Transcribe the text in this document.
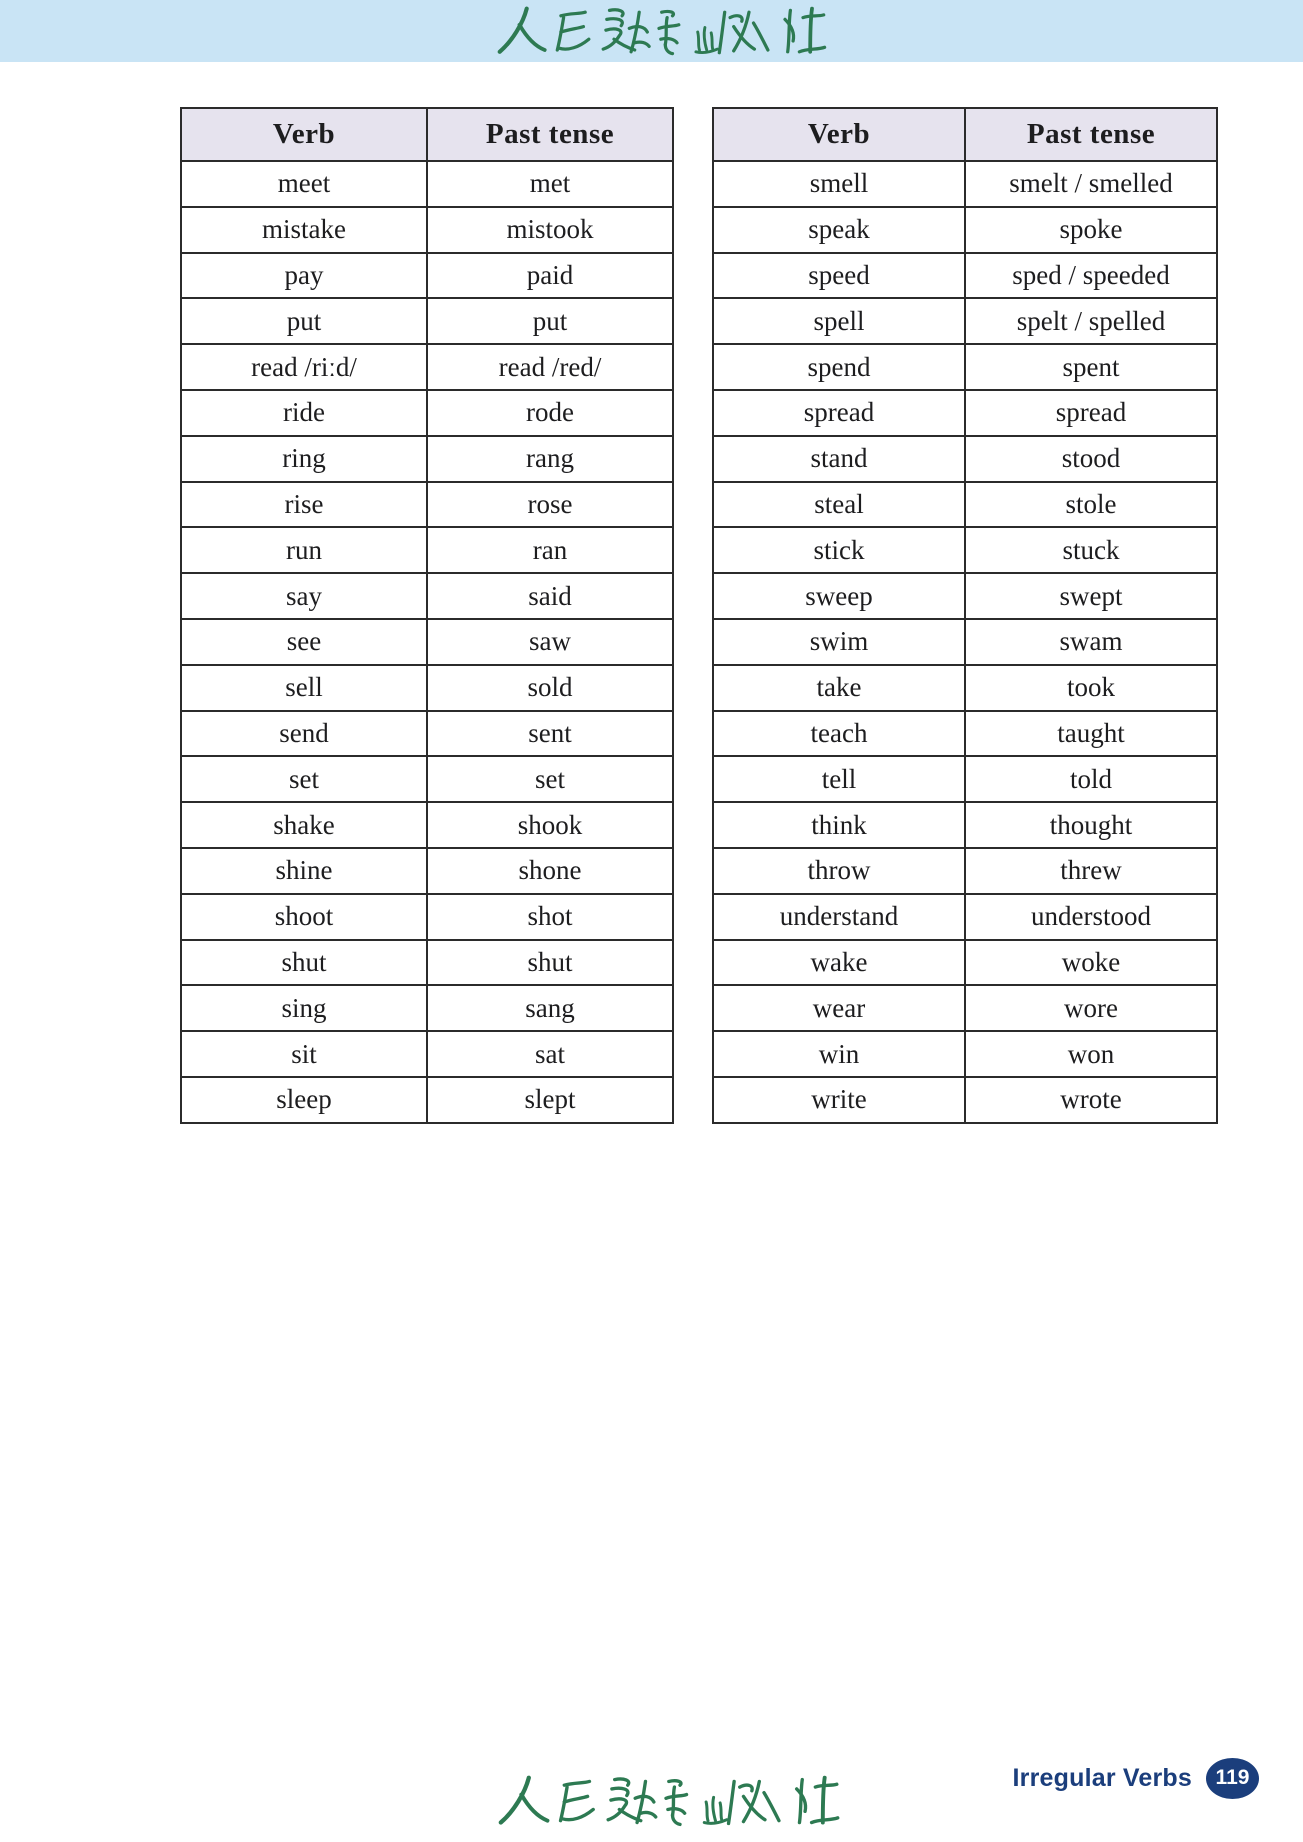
Verb	Past tense
meet	met
mistake	mistook
pay	paid
put	put
read /riːd/	read /red/
ride	rode
ring	rang
rise	rose
run	ran
say	said
see	saw
sell	sold
send	sent
set	set
shake	shook
shine	shone
shoot	shot
shut	shut
sing	sang
sit	sat
sleep	slept
Verb	Past tense
smell	smelt / smelled
speak	spoke
speed	sped / speeded
spell	spelt / spelled
spend	spent
spread	spread
stand	stood
steal	stole
stick	stuck
sweep	swept
swim	swam
take	took
teach	taught
tell	told
think	thought
throw	threw
understand	understood
wake	woke
wear	wore
win	won
write	wrote
Irregular Verbs 119
